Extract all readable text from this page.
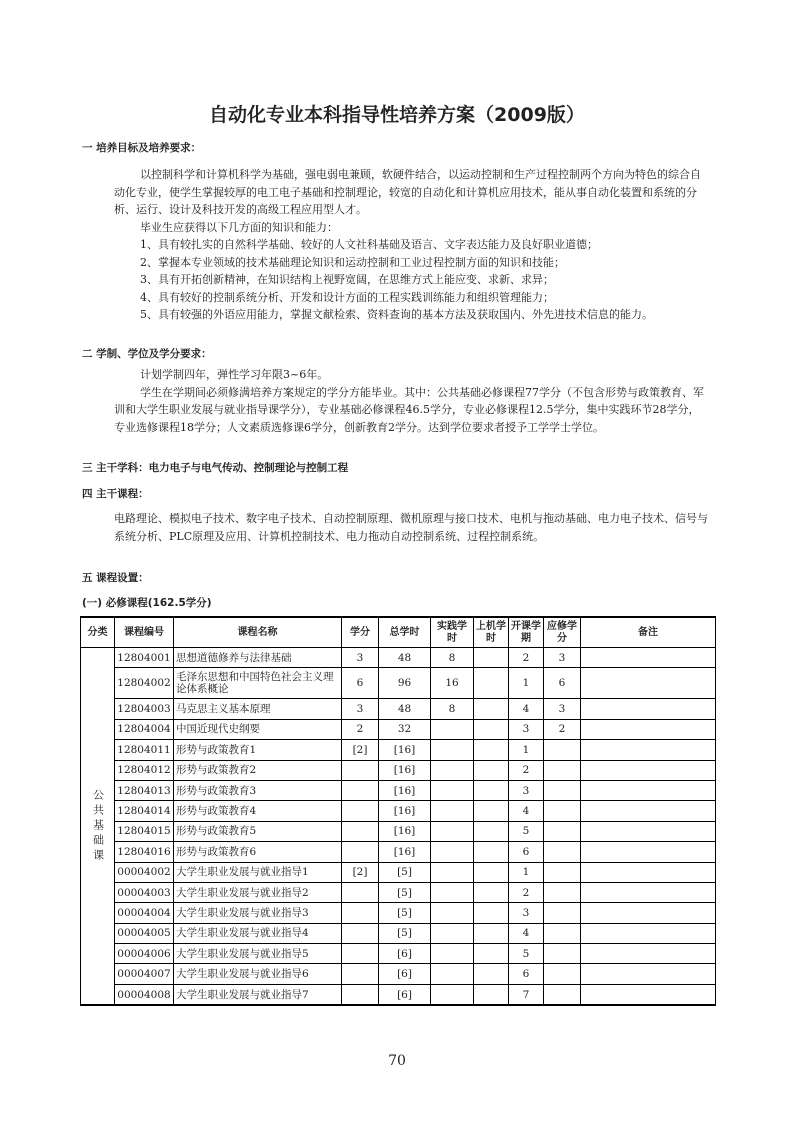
自动化专业本科指导性培养方案（2009版）
一 培养目标及培养要求：

以控制科学和计算机科学为基础，强电弱电兼顾，软硬件结合，以运动控制和生产过程控制两个方向为特色的综合自动化专业，使学生掌握较厚的电工电子基础和控制理论，较宽的自动化和计算机应用技术，能从事自动化装置和系统的分析、运行、设计及科技开发的高级工程应用型人才。

毕业生应获得以下几方面的知识和能力：

1、具有较扎实的自然科学基础、较好的人文社科基础及语言、文字表达能力及良好职业道德；

2、掌握本专业领域的技术基础理论知识和运动控制和工业过程控制方面的知识和技能；

3、具有开拓创新精神，在知识结构上视野宽阔，在思维方式上能应变、求新、求异；

4、具有较好的控制系统分析、开发和设计方面的工程实践训练能力和组织管理能力；

5、具有较强的外语应用能力，掌握文献检索、资料查询的基本方法及获取国内、外先进技术信息的能力。

二 学制、学位及学分要求：

计划学制四年，弹性学习年限3~6年。

学生在学期间必须修满培养方案规定的学分方能毕业。其中：公共基础必修课程77学分（不包含形势与政策教育、军训和大学生职业发展与就业指导课学分），专业基础必修课程46.5学分，专业必修课程12.5学分，集中实践环节28学分，专业选修课程18学分；人文素质选修课6学分，创新教育2学分。达到学位要求者授予工学学士学位。

三 主干学科：电力电子与电气传动、控制理论与控制工程
四 主干课程：

电路理论、模拟电子技术、数字电子技术、自动控制原理、微机原理与接口技术、电机与拖动基础、电力电子技术、信号与系统分析、PLC原理及应用、计算机控制技术、电力拖动自动控制系统、过程控制系统。

五 课程设置：
(一) 必修课程(162.5学分)
分类	课程编号	课程名称	学分	总学时	实践学时	上机学时	开课学期	应修学分	备注
公共基础课	12804001	思想道德修养与法律基础	3	48	8		2	3	
	12804002	毛泽东思想和中国特色社会主义理论体系概论	6	96	16		1	6	
	12804003	马克思主义基本原理	3	48	8		4	3	
	12804004	中国近现代史纲要	2	32			3	2	
	12804011	形势与政策教育1	[2]	[16]			1		
	12804012	形势与政策教育2		[16]			2		
	12804013	形势与政策教育3		[16]			3		
	12804014	形势与政策教育4		[16]			4		
	12804015	形势与政策教育5		[16]			5		
	12804016	形势与政策教育6		[16]			6		
	00004002	大学生职业发展与就业指导1	[2]	[5]			1		
	00004003	大学生职业发展与就业指导2		[5]			2		
	00004004	大学生职业发展与就业指导3		[5]			3		
	00004005	大学生职业发展与就业指导4		[5]			4		
	00004006	大学生职业发展与就业指导5		[6]			5		
	00004007	大学生职业发展与就业指导6		[6]			6		
	00004008	大学生职业发展与就业指导7		[6]			7		
70
